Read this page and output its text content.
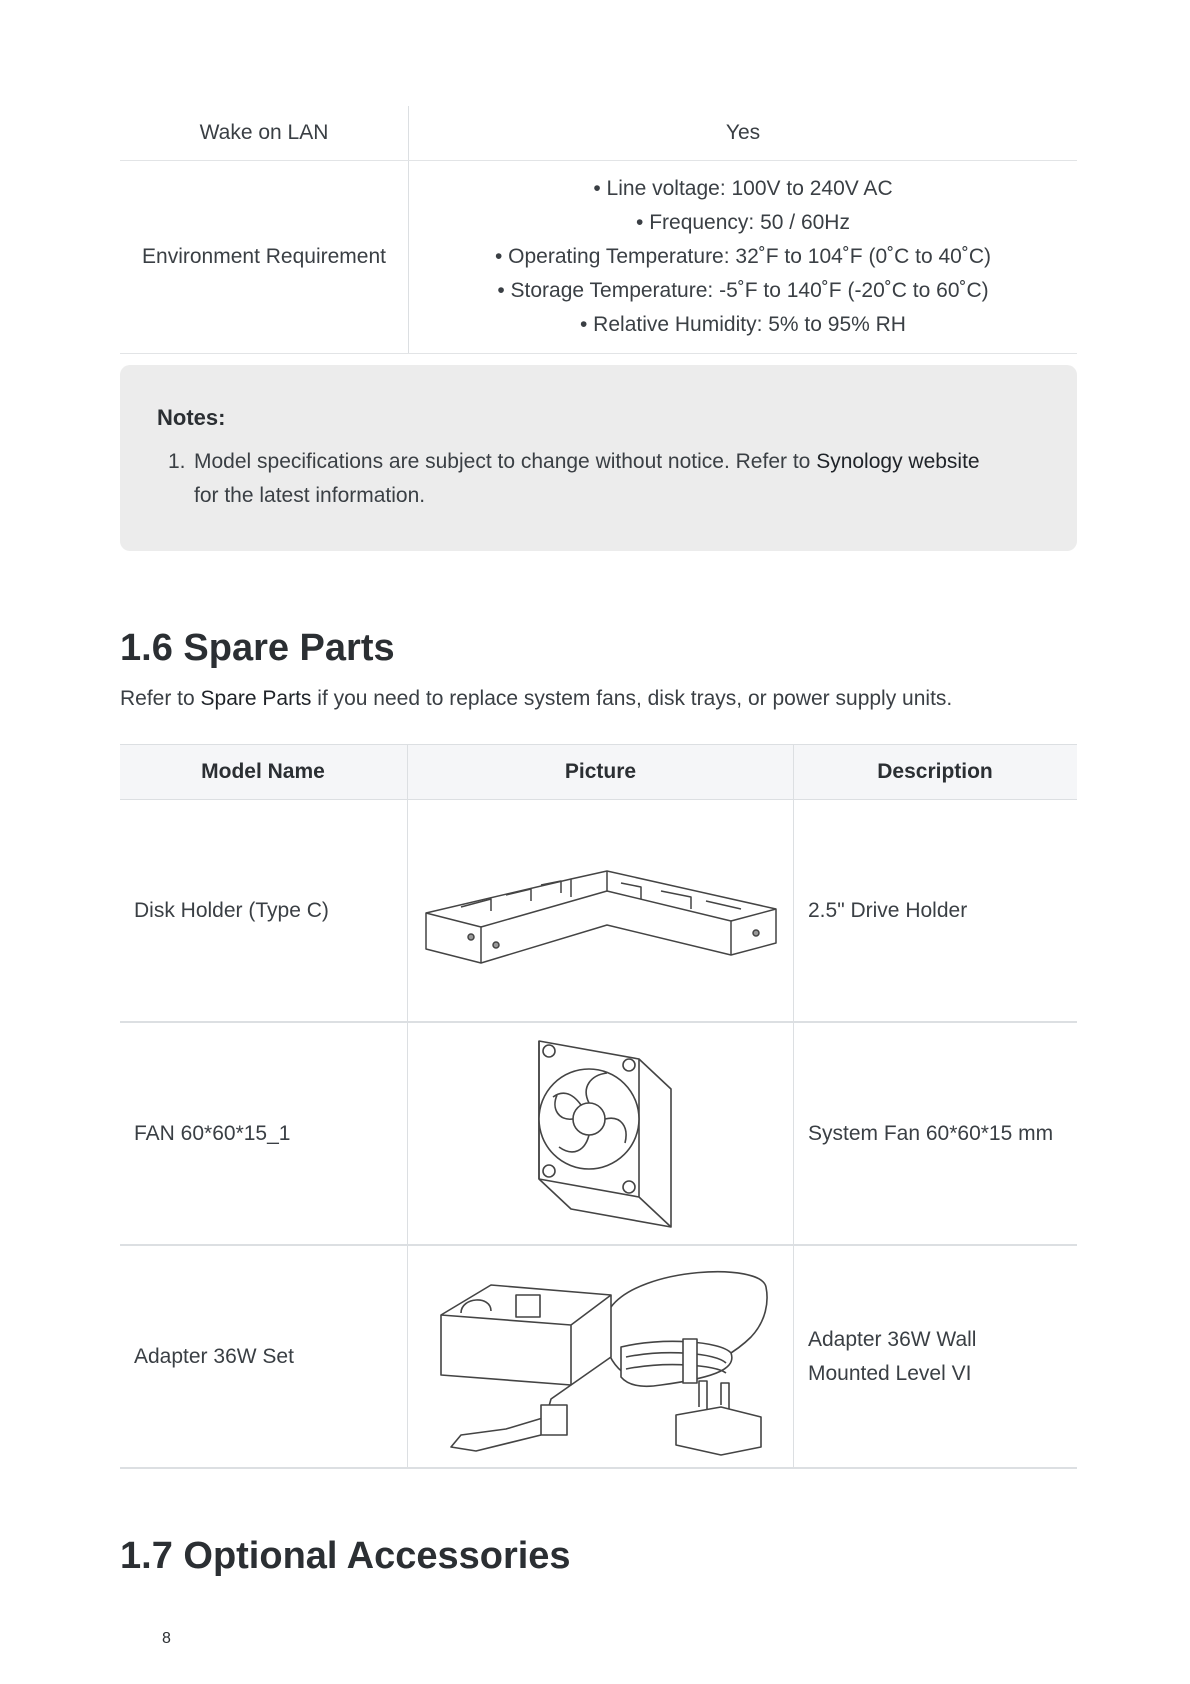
Wake on LAN	Yes
Environment Requirement	• Line voltage: 100V to 240V AC
• Frequency: 50 / 60Hz
• Operating Temperature: 32˚F to 104˚F (0˚C to 40˚C)
• Storage Temperature: -5˚F to 140˚F (-20˚C to 60˚C)
• Relative Humidity: 5% to 95% RH
Notes:
1. Model specifications are subject to change without notice. Refer to Synology website for the latest information.
1.6 Spare Parts
Refer to Spare Parts if you need to replace system fans, disk trays, or power supply units.
Model Name	Picture	Description
Disk Holder (Type C)		2.5" Drive Holder
FAN 60*60*15_1		System Fan 60*60*15 mm
Adapter 36W Set		Adapter 36W Wall
Mounted Level VI
1.7 Optional Accessories
8
